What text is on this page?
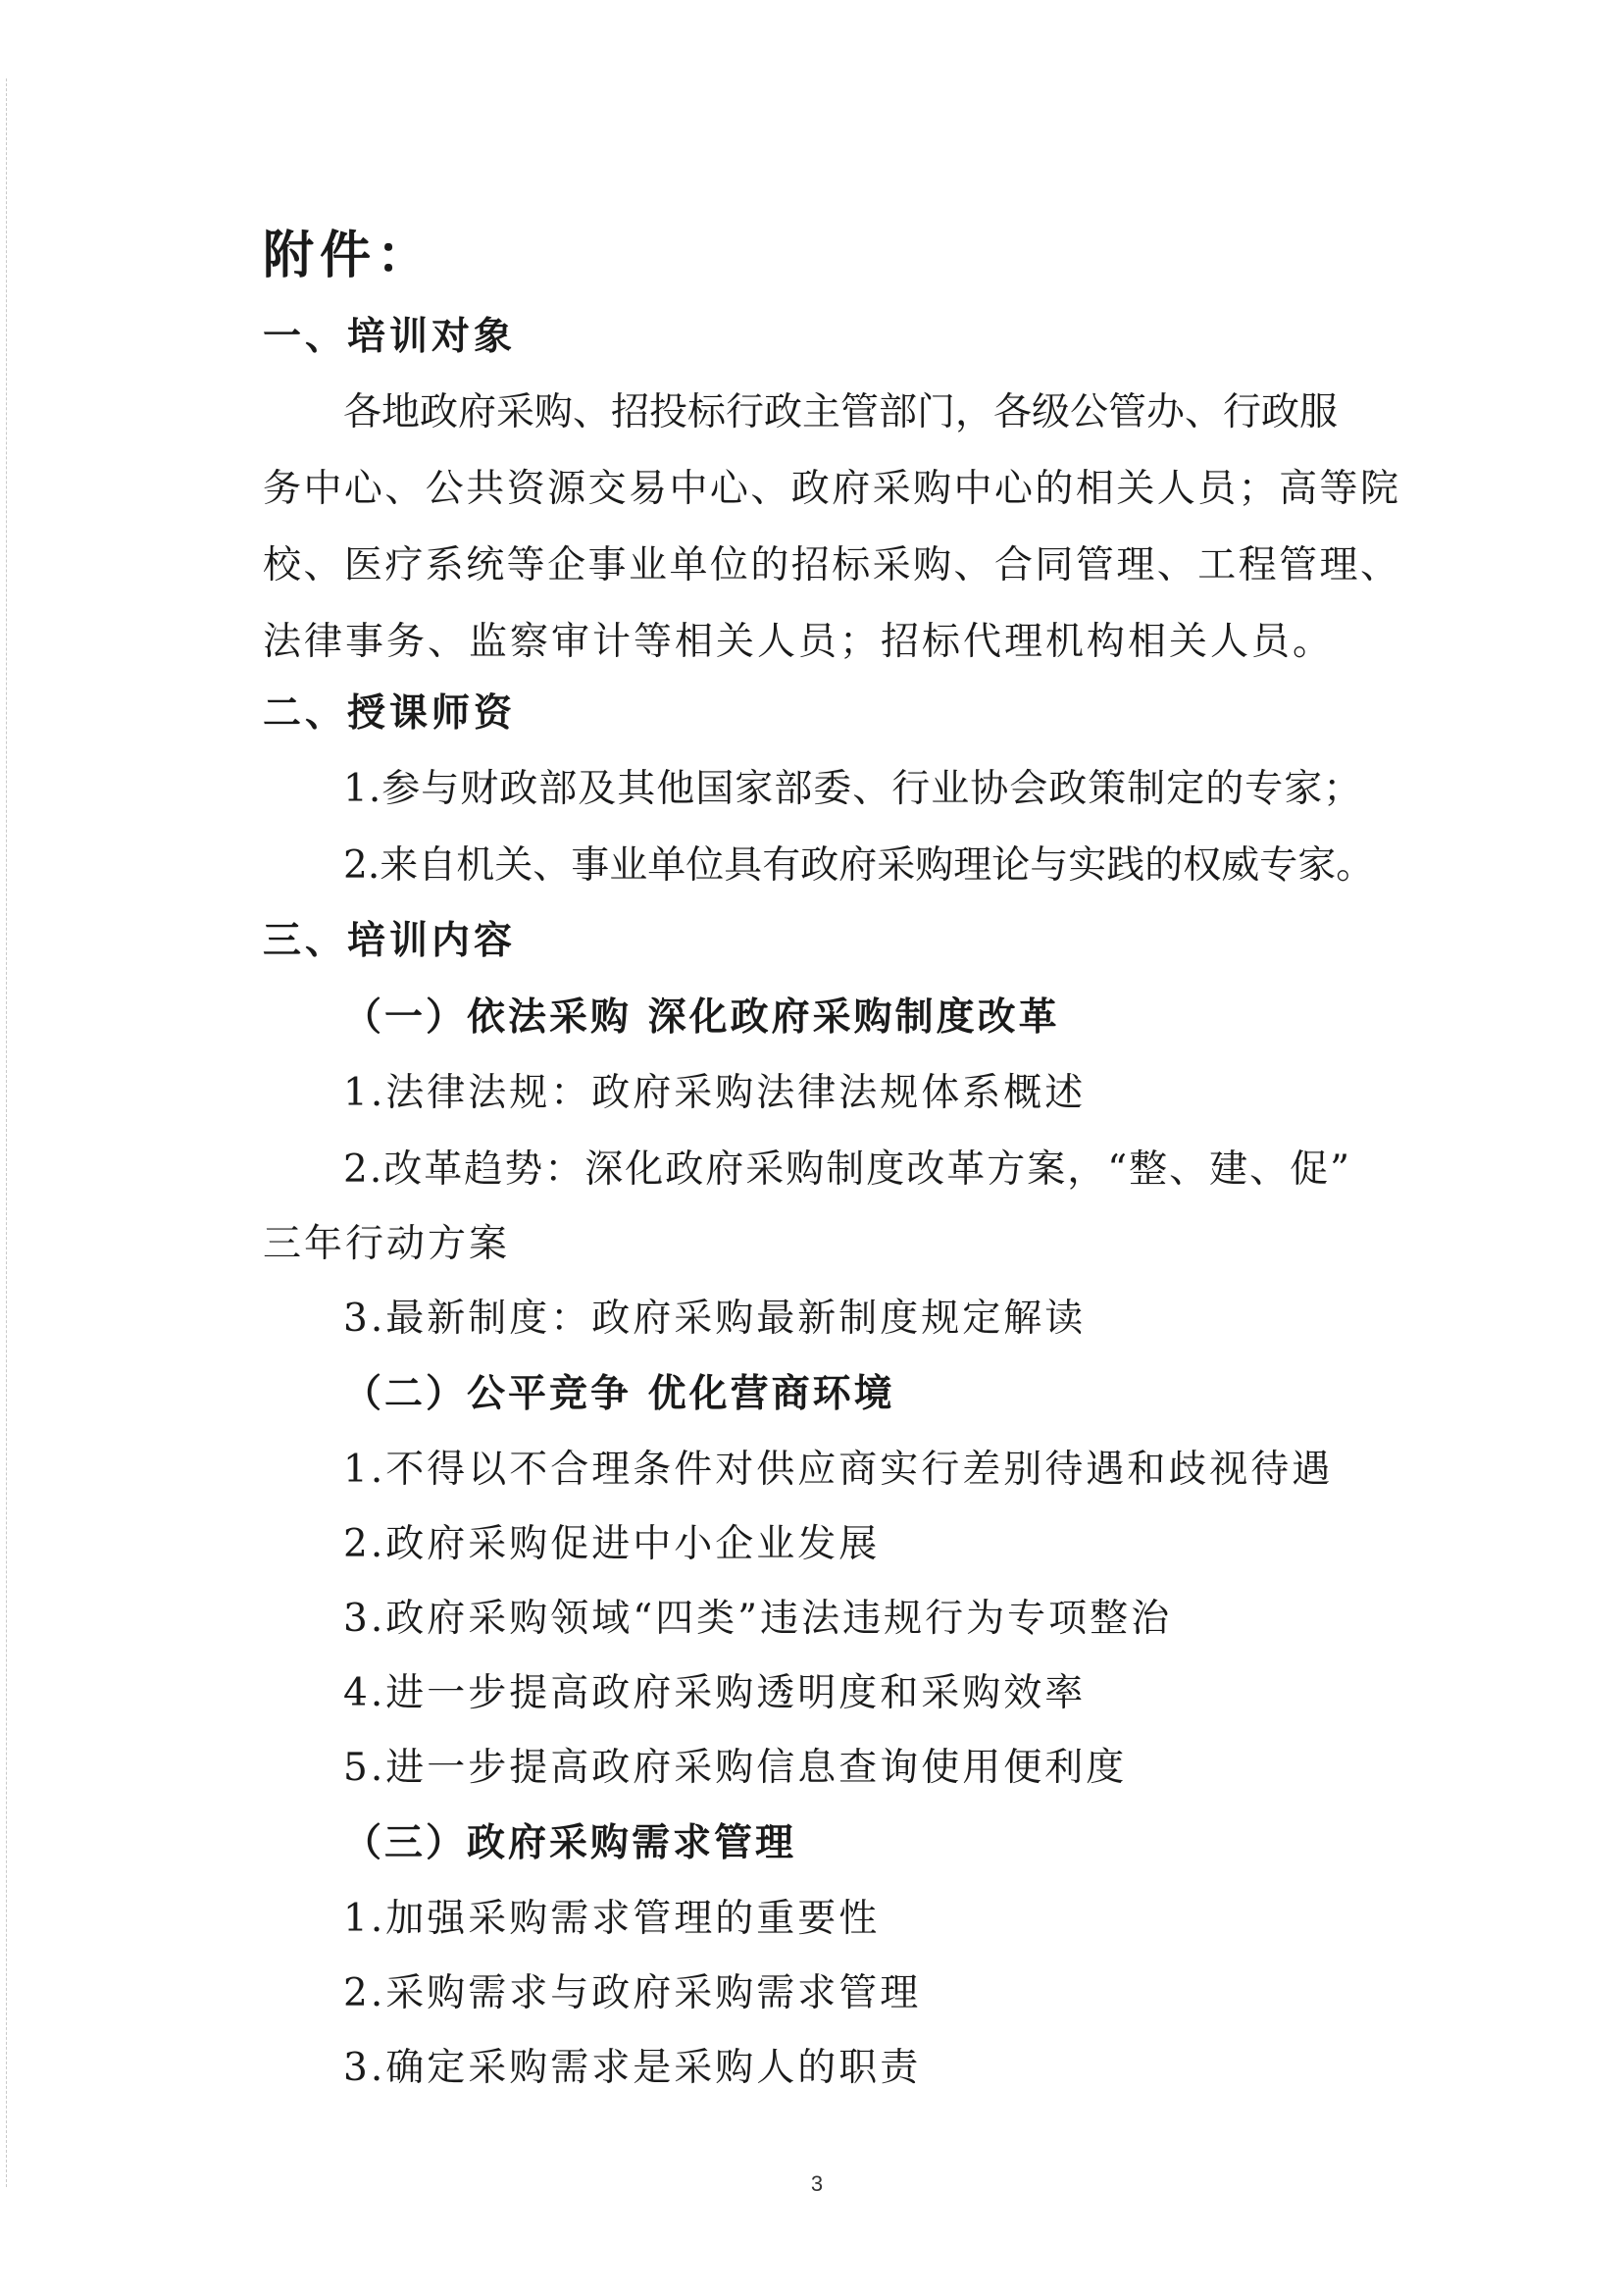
附件：
一、培训对象
各地政府采购、招投标行政主管部门，各级公管办、行政服
务中心、公共资源交易中心、政府采购中心的相关人员；高等院
校、医疗系统等企事业单位的招标采购、合同管理、工程管理、
法律事务、监察审计等相关人员；招标代理机构相关人员。
二、授课师资
1.参与财政部及其他国家部委、行业协会政策制定的专家；
2.来自机关、事业单位具有政府采购理论与实践的权威专家。
三、培训内容
（一）依法采购 深化政府采购制度改革
1.法律法规：政府采购法律法规体系概述
2.改革趋势：深化政府采购制度改革方案，“整、建、促”
三年行动方案
3.最新制度：政府采购最新制度规定解读
（二）公平竞争 优化营商环境
1.不得以不合理条件对供应商实行差别待遇和歧视待遇
2.政府采购促进中小企业发展
3.政府采购领域“四类”违法违规行为专项整治
4.进一步提高政府采购透明度和采购效率
5.进一步提高政府采购信息查询使用便利度
（三）政府采购需求管理
1.加强采购需求管理的重要性
2.采购需求与政府采购需求管理
3.确定采购需求是采购人的职责
3
